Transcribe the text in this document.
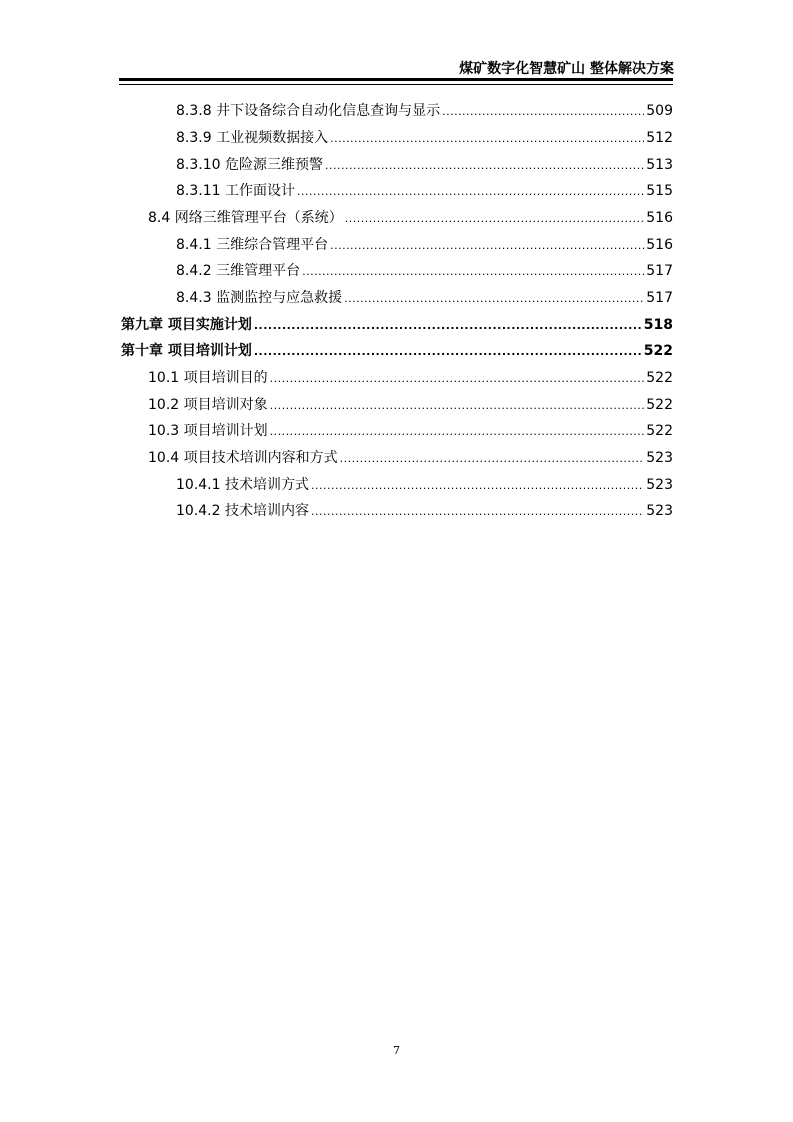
煤矿数字化智慧矿山 整体解决方案
8.3.8 井下设备综合自动化信息查询与显示 .....	509
8.3.9 工业视频数据接入 .....	512
8.3.10 危险源三维预警 .....	513
8.3.11 工作面设计 .....	515
8.4 网络三维管理平台（系统） .....	516
8.4.1 三维综合管理平台 .....	516
8.4.2 三维管理平台 .....	517
8.4.3 监测监控与应急救援 .....	517
第九章 项目实施计划 .....	518
第十章 项目培训计划 .....	522
10.1 项目培训目的 .....	522
10.2 项目培训对象 .....	522
10.3 项目培训计划 .....	522
10.4 项目技术培训内容和方式 .....	523
10.4.1 技术培训方式 .....	523
10.4.2 技术培训内容 .....	523
7
